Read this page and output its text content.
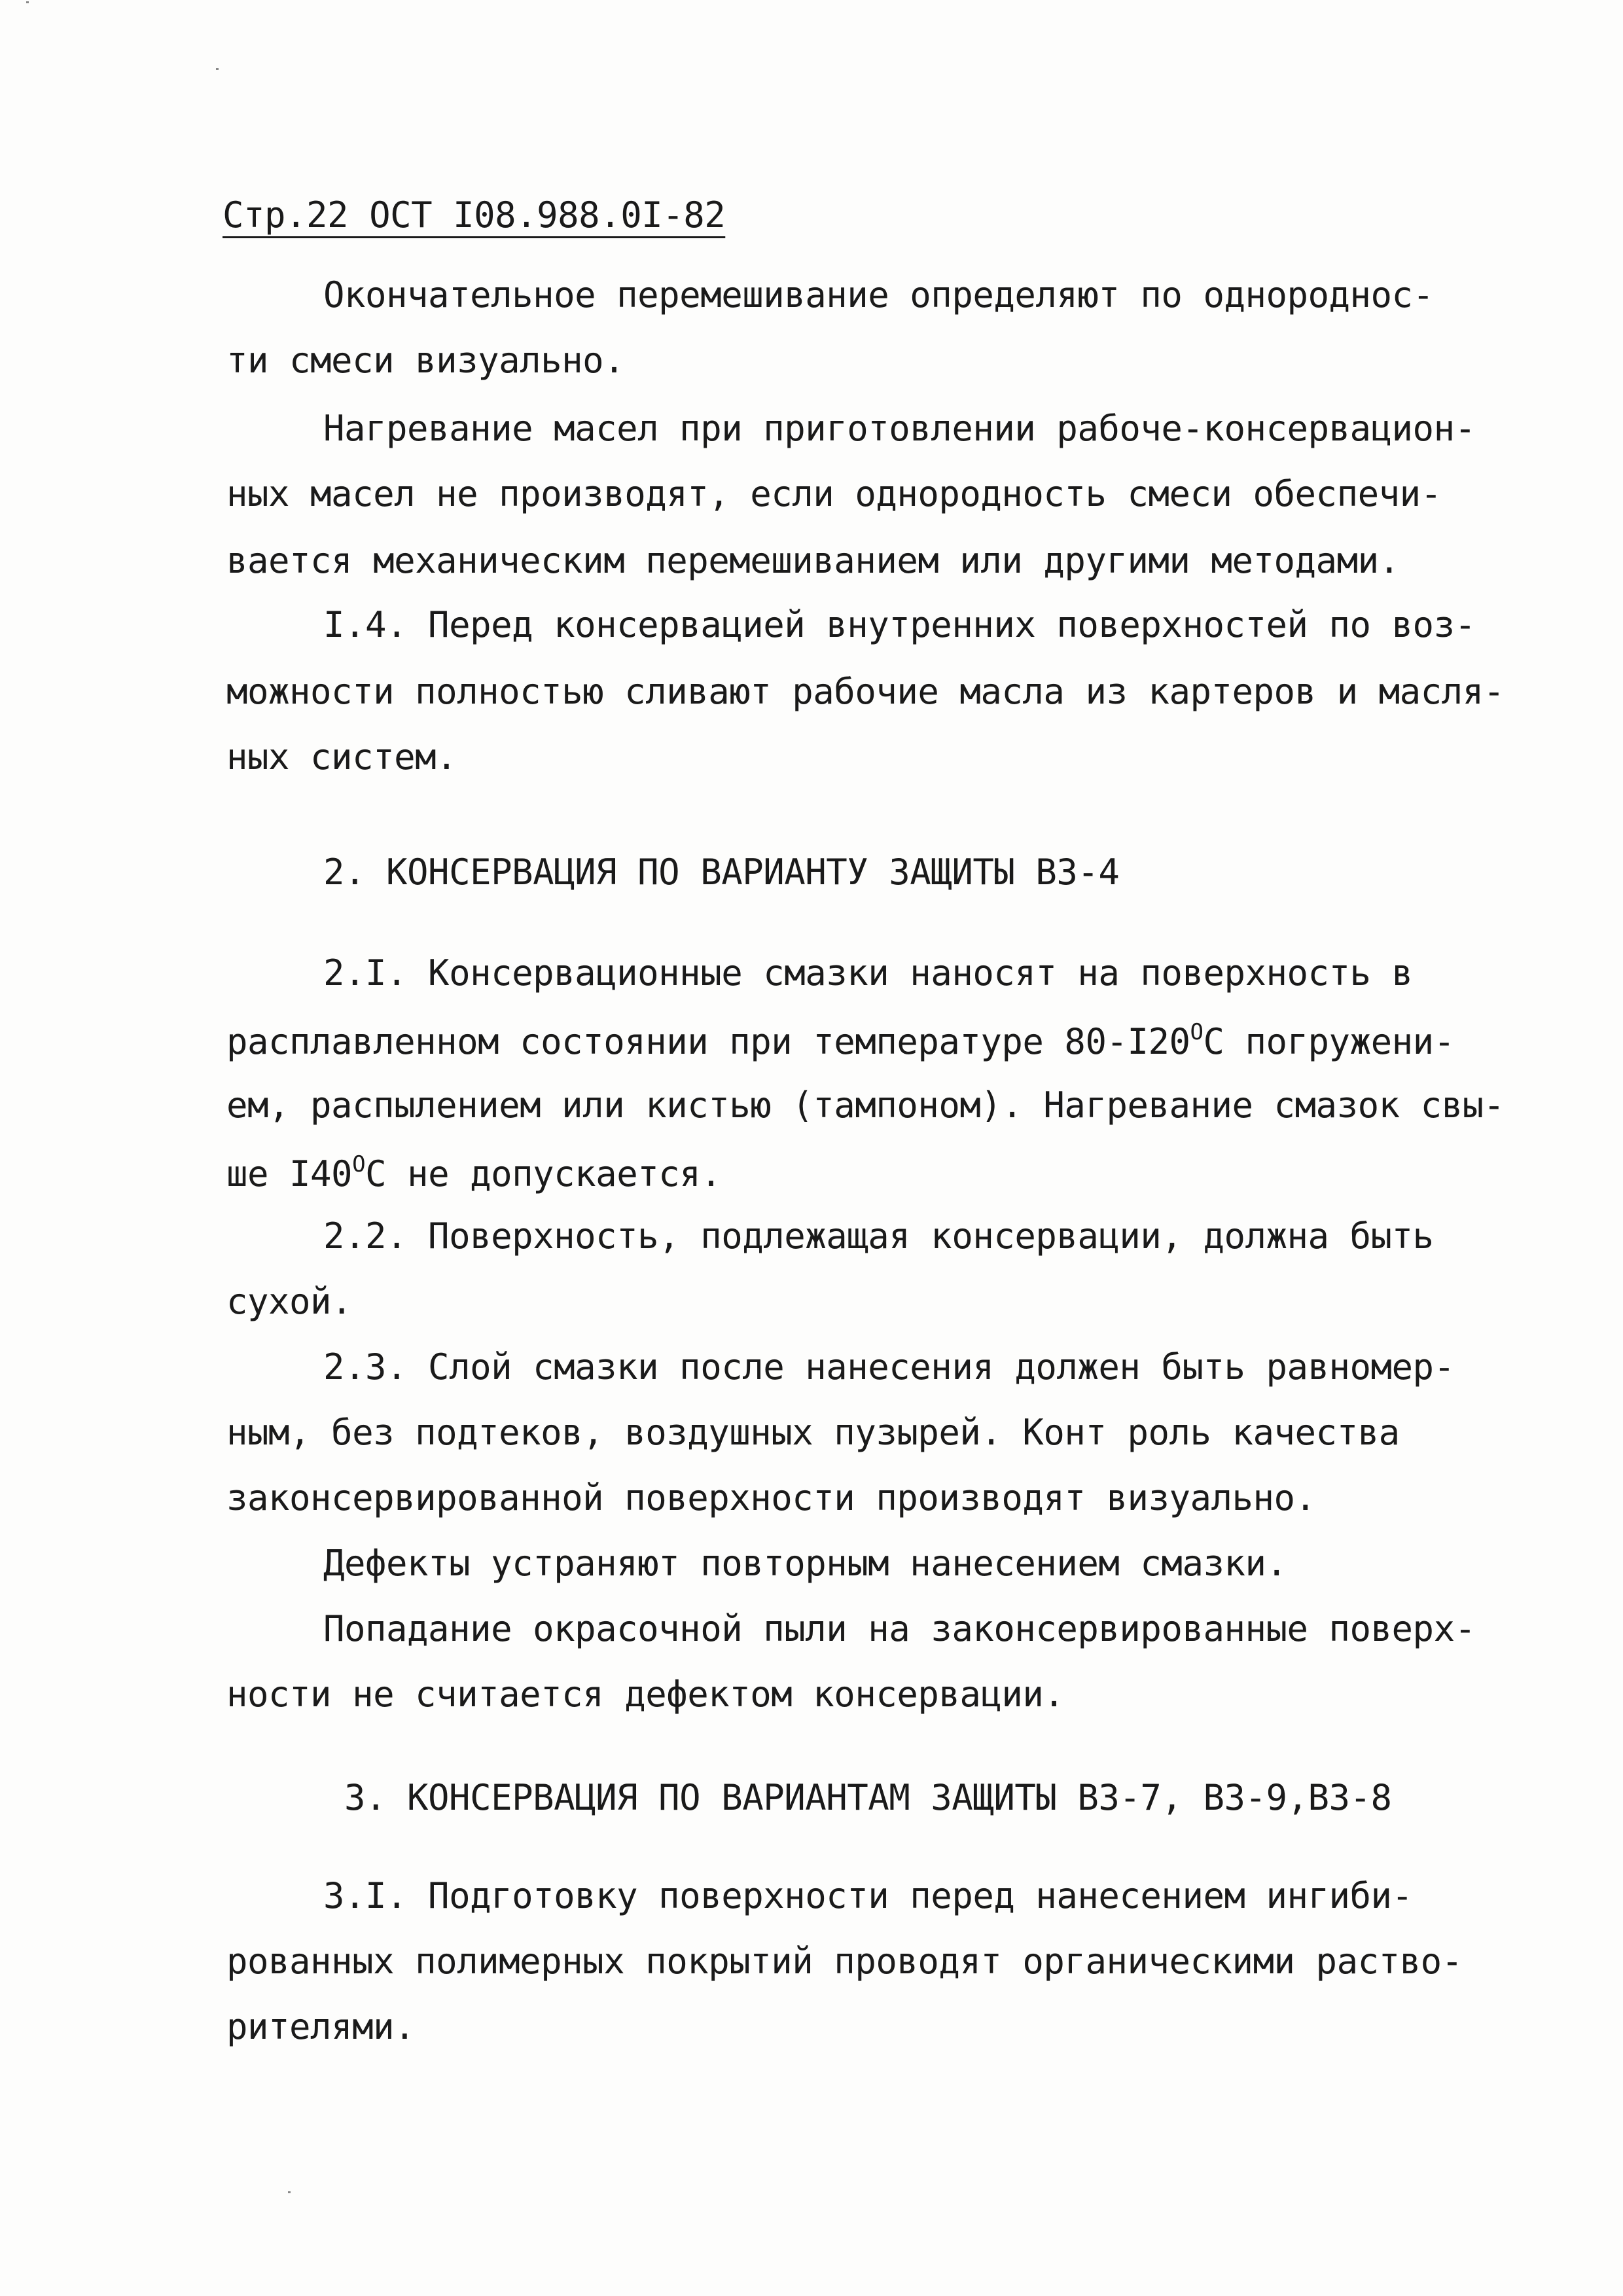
Стр.22 ОСТ I08.988.0I-82
Окончательное перемешивание определяют по однороднос-
ти смеси визуально.
Нагревание масел при приготовлении рабоче-консервацион-
ных масел не производят, если однородность смеси обеспечи-
вается механическим перемешиванием или другими методами.
I.4. Перед консервацией внутренних поверхностей по воз-
можности полностью сливают рабочие масла из картеров и масля-
ных систем.
2. КОНСЕРВАЦИЯ ПО ВАРИАНТУ ЗАЩИТЫ ВЗ-4
2.I. Консервационные смазки наносят на поверхность в
расплавленном состоянии при температуре $80-I20^OC$ погружени-
ем, распылением или кистью (тампоном). Нагревание смазок свы-
ше $I40^OC$ не допускается.
2.2. Поверхность, подлежащая консервации, должна быть
сухой.
2.3. Слой смазки после нанесения должен быть равномер-
ным, без подтеков, воздушных пузырей. Конт роль качества
законсервированной поверхности производят визуально.
Дефекты устраняют повторным нанесением смазки.
Попадание окрасочной пыли на законсервированные поверх-
ности не считается дефектом консервации.
3. КОНСЕРВАЦИЯ ПО ВАРИАНТАМ ЗАЩИТЫ ВЗ-7, ВЗ-9,ВЗ-8
3.I. Подготовку поверхности перед нанесением ингиби-
рованных полимерных покрытий проводят органическими раство-
рителями.
